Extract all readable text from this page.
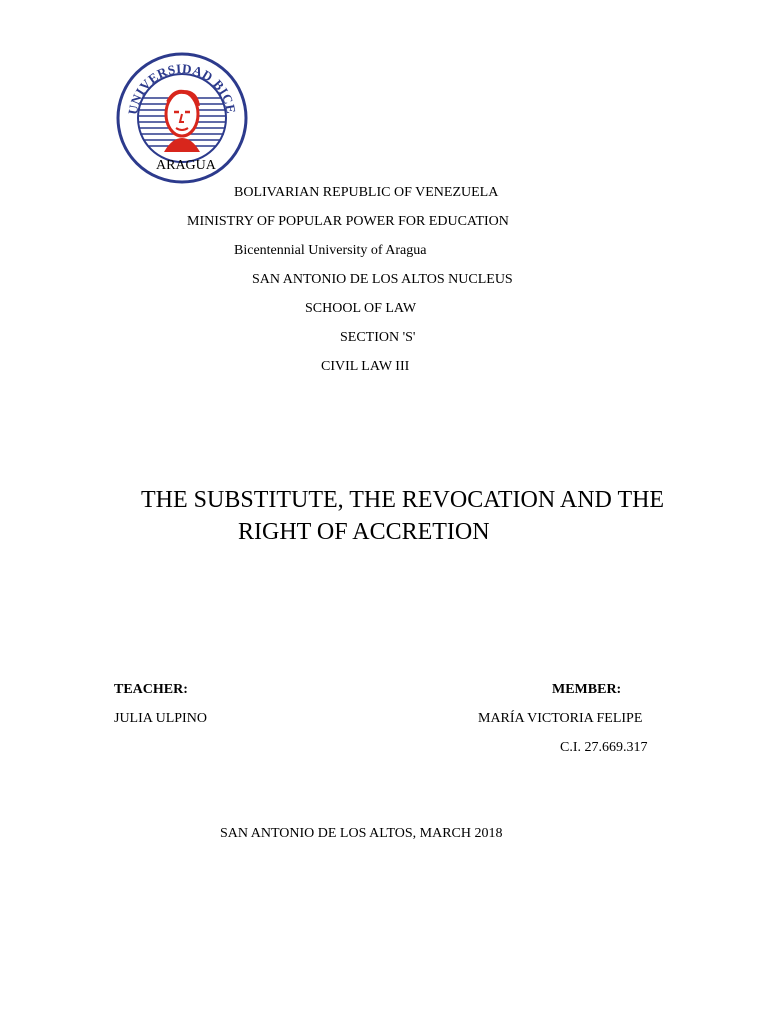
UNIVERSIDAD BICE
ARAGUA
BOLIVARIAN REPUBLIC OF VENEZUELA
MINISTRY OF POPULAR POWER FOR EDUCATION
Bicentennial University of Aragua
SAN ANTONIO DE LOS ALTOS NUCLEUS
SCHOOL OF LAW
SECTION 'S'
CIVIL LAW III
THE SUBSTITUTE, THE REVOCATION AND THE
RIGHT OF ACCRETION
TEACHER:
JULIA ULPINO
MEMBER:
MARÍA VICTORIA FELIPE
C.I. 27.669.317
SAN ANTONIO DE LOS ALTOS, MARCH 2018
